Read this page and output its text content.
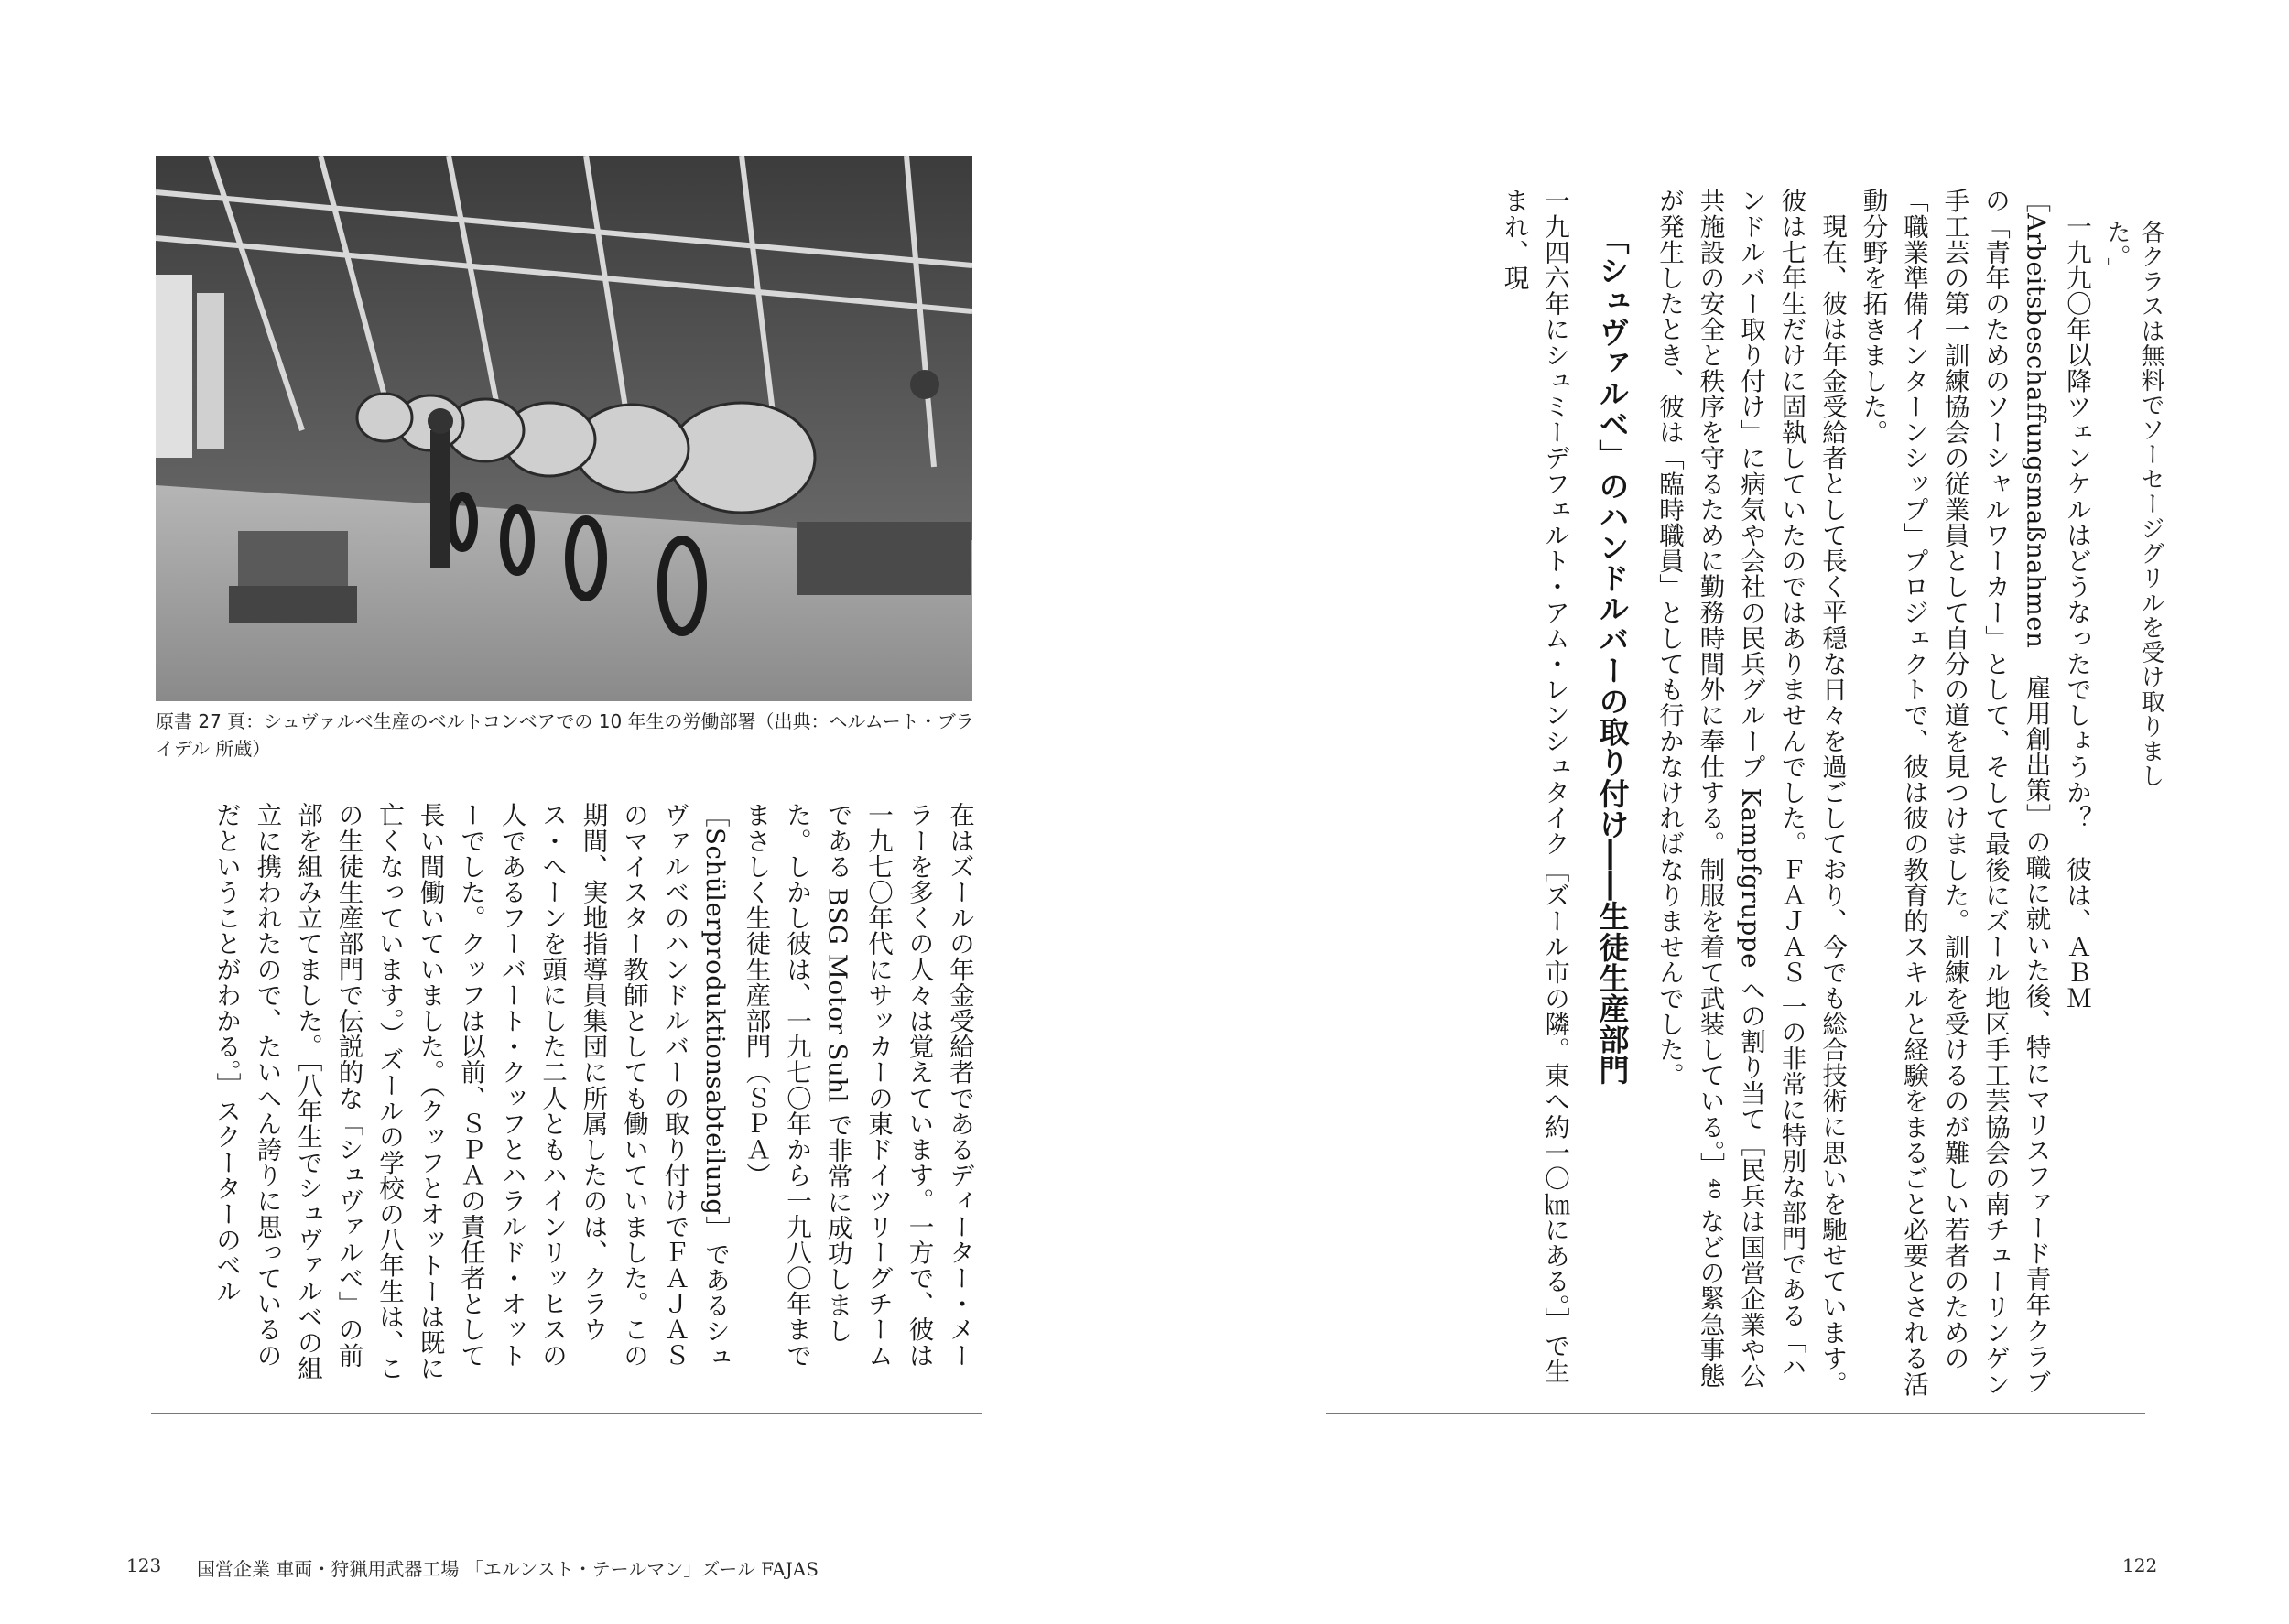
原書 27 頁：シュヴァルベ生産のベルトコンベアでの 10 年生の労働部署（出典：ヘルムート・ブライデル 所蔵）

在はズールの年金受給者であるディーター・メーラーを多くの人々は覚えています。一方で、彼は一九七〇年代にサッカーの東ドイツリーグチームである BSG Motor Suhl で非常に成功しました。しかし彼は、一九七〇年から一九八〇年までまさしく生徒生産部門（ＳＰＡ）［Schülerproduktionsabteilung］であるシュヴァルベのハンドルバーの取り付けでＦＡＪＡＳのマイスター教師としても働いていました。この期間、実地指導員集団に所属したのは、クラウス・ヘーンを頭にした二人ともハインリッヒスの人であるフーバート・クッフとハラルド・オットーでした。クッフは以前、ＳＰＡの責任者として長い間働いていました。（クッフとオットーは既に亡くなっています。）ズールの学校の八年生は、この生徒生産部門で伝説的な「シュヴァルベ」の前部を組み立てました。［八年生でシュヴァルベの組立に携われたので、たいへん誇りに思っているのだということがわかる。］スクーターのベル

各クラスは無料でソーセージグリルを受け取りました。」

一九九〇年以降ツェンケルはどうなったでしょうか？　彼は、ＡＢＭ［Arbeitsbeschaffungsmaßnahmen　雇用創出策］の職に就いた後、特にマリスファード青年クラブの「青年のためのソーシャルワーカー」として、そして最後にズール地区手工芸協会の南チューリンゲン手工芸の第一訓練協会の従業員として自分の道を見つけました。訓練を受けるのが難しい若者のための「職業準備インターンシップ」プロジェクトで、彼は彼の教育的スキルと経験をまるごと必要とされる活動分野を拓きました。

現在、彼は年金受給者として長く平穏な日々を過ごしており、今でも総合技術に思いを馳せています。彼は七年生だけに固執していたのではありませんでした。ＦＡＪＡＳ 一の非常に特別な部門である「ハンドルバー取り付け」に病気や会社の民兵グループ Kampfgruppe への割り当て［民兵は国営企業や公共施設の安全と秩序を守るために勤務時間外に奉仕する。制服を着て武装している。］⁴⁰ などの緊急事態が発生したとき、彼は「臨時職員」としても行かなければなりませんでした。

「シュヴァルベ」のハンドルバーの取り付け――生徒生産部門

一九四六年にシュミーデフェルト・アム・レンシュタイク［ズール市の隣。東へ約一〇㎞にある。］で生まれ、現

123 国営企業 車両・狩猟用武器工場 「エルンスト・テールマン」ズール FAJAS	122
